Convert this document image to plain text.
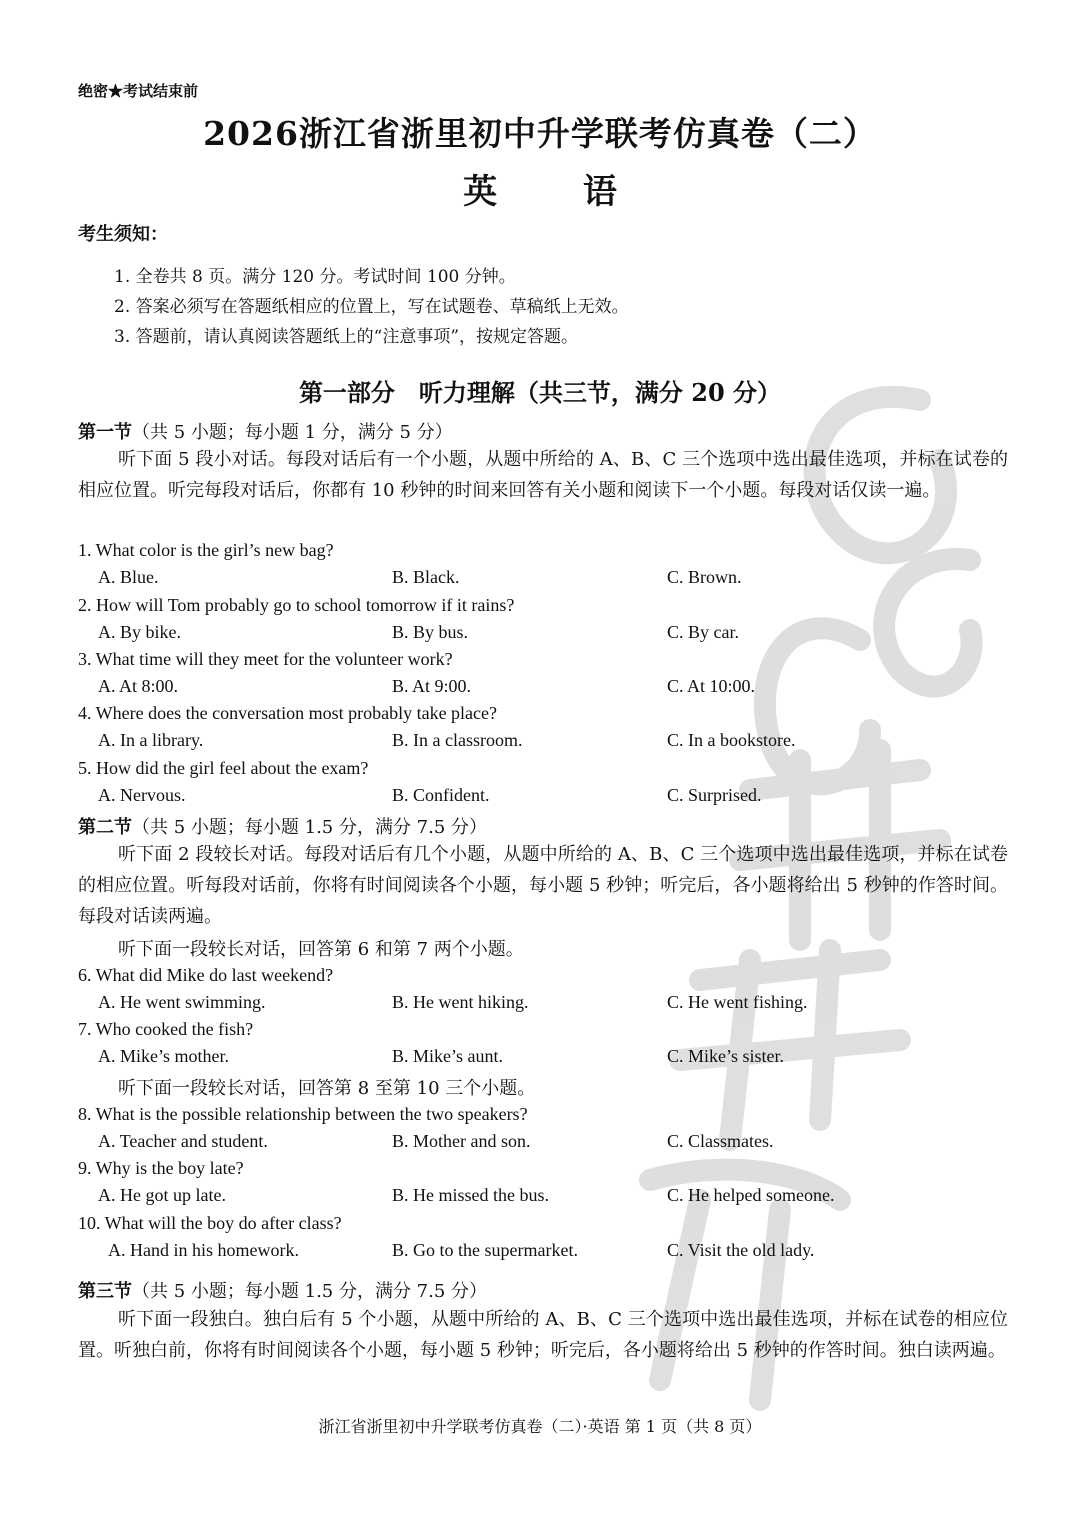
绝密★考试结束前
2026浙江省浙里初中升学联考仿真卷（二）
英	语
考生须知：
1. 全卷共 8 页。满分 120 分。考试时间 100 分钟。
2. 答案必须写在答题纸相应的位置上，写在试题卷、草稿纸上无效。
3. 答题前，请认真阅读答题纸上的“注意事项”，按规定答题。
第一部分　听力理解（共三节，满分 20 分）
第一节（共 5 小题；每小题 1 分，满分 5 分）
听下面 5 段小对话。每段对话后有一个小题，从题中所给的 A、B、C 三个选项中选出最佳选项，并标在试卷的相应位置。听完每段对话后，你都有 10 秒钟的时间来回答有关小题和阅读下一个小题。每段对话仅读一遍。
1. What color is the girl’s new bag?
A. Blue.	B. Black.	C. Brown.
2. How will Tom probably go to school tomorrow if it rains?
A. By bike.	B. By bus.	C. By car.
3. What time will they meet for the volunteer work?
A. At 8:00.	B. At 9:00.	C. At 10:00.
4. Where does the conversation most probably take place?
A. In a library.	B. In a classroom.	C. In a bookstore.
5. How did the girl feel about the exam?
A. Nervous.	B. Confident.	C. Surprised.
第二节（共 5 小题；每小题 1.5 分，满分 7.5 分）
听下面 2 段较长对话。每段对话后有几个小题，从题中所给的 A、B、C 三个选项中选出最佳选项，并标在试卷的相应位置。听每段对话前，你将有时间阅读各个小题，每小题 5 秒钟；听完后，各小题将给出 5 秒钟的作答时间。每段对话读两遍。
听下面一段较长对话，回答第 6 和第 7 两个小题。
6. What did Mike do last weekend?
A. He went swimming.	B. He went hiking.	C. He went fishing.
7. Who cooked the fish?
A. Mike’s mother.	B. Mike’s aunt.	C. Mike’s sister.
听下面一段较长对话，回答第 8 至第 10 三个小题。
8. What is the possible relationship between the two speakers?
A. Teacher and student.	B. Mother and son.	C. Classmates.
9. Why is the boy late?
A. He got up late.	B. He missed the bus.	C. He helped someone.
10. What will the boy do after class?
A. Hand in his homework.	B. Go to the supermarket.	C. Visit the old lady.
第三节（共 5 小题；每小题 1.5 分，满分 7.5 分）
听下面一段独白。独白后有 5 个小题，从题中所给的 A、B、C 三个选项中选出最佳选项，并标在试卷的相应位置。听独白前，你将有时间阅读各个小题，每小题 5 秒钟；听完后，各小题将给出 5 秒钟的作答时间。独白读两遍。
浙江省浙里初中升学联考仿真卷（二）·英语 第 1 页（共 8 页）
